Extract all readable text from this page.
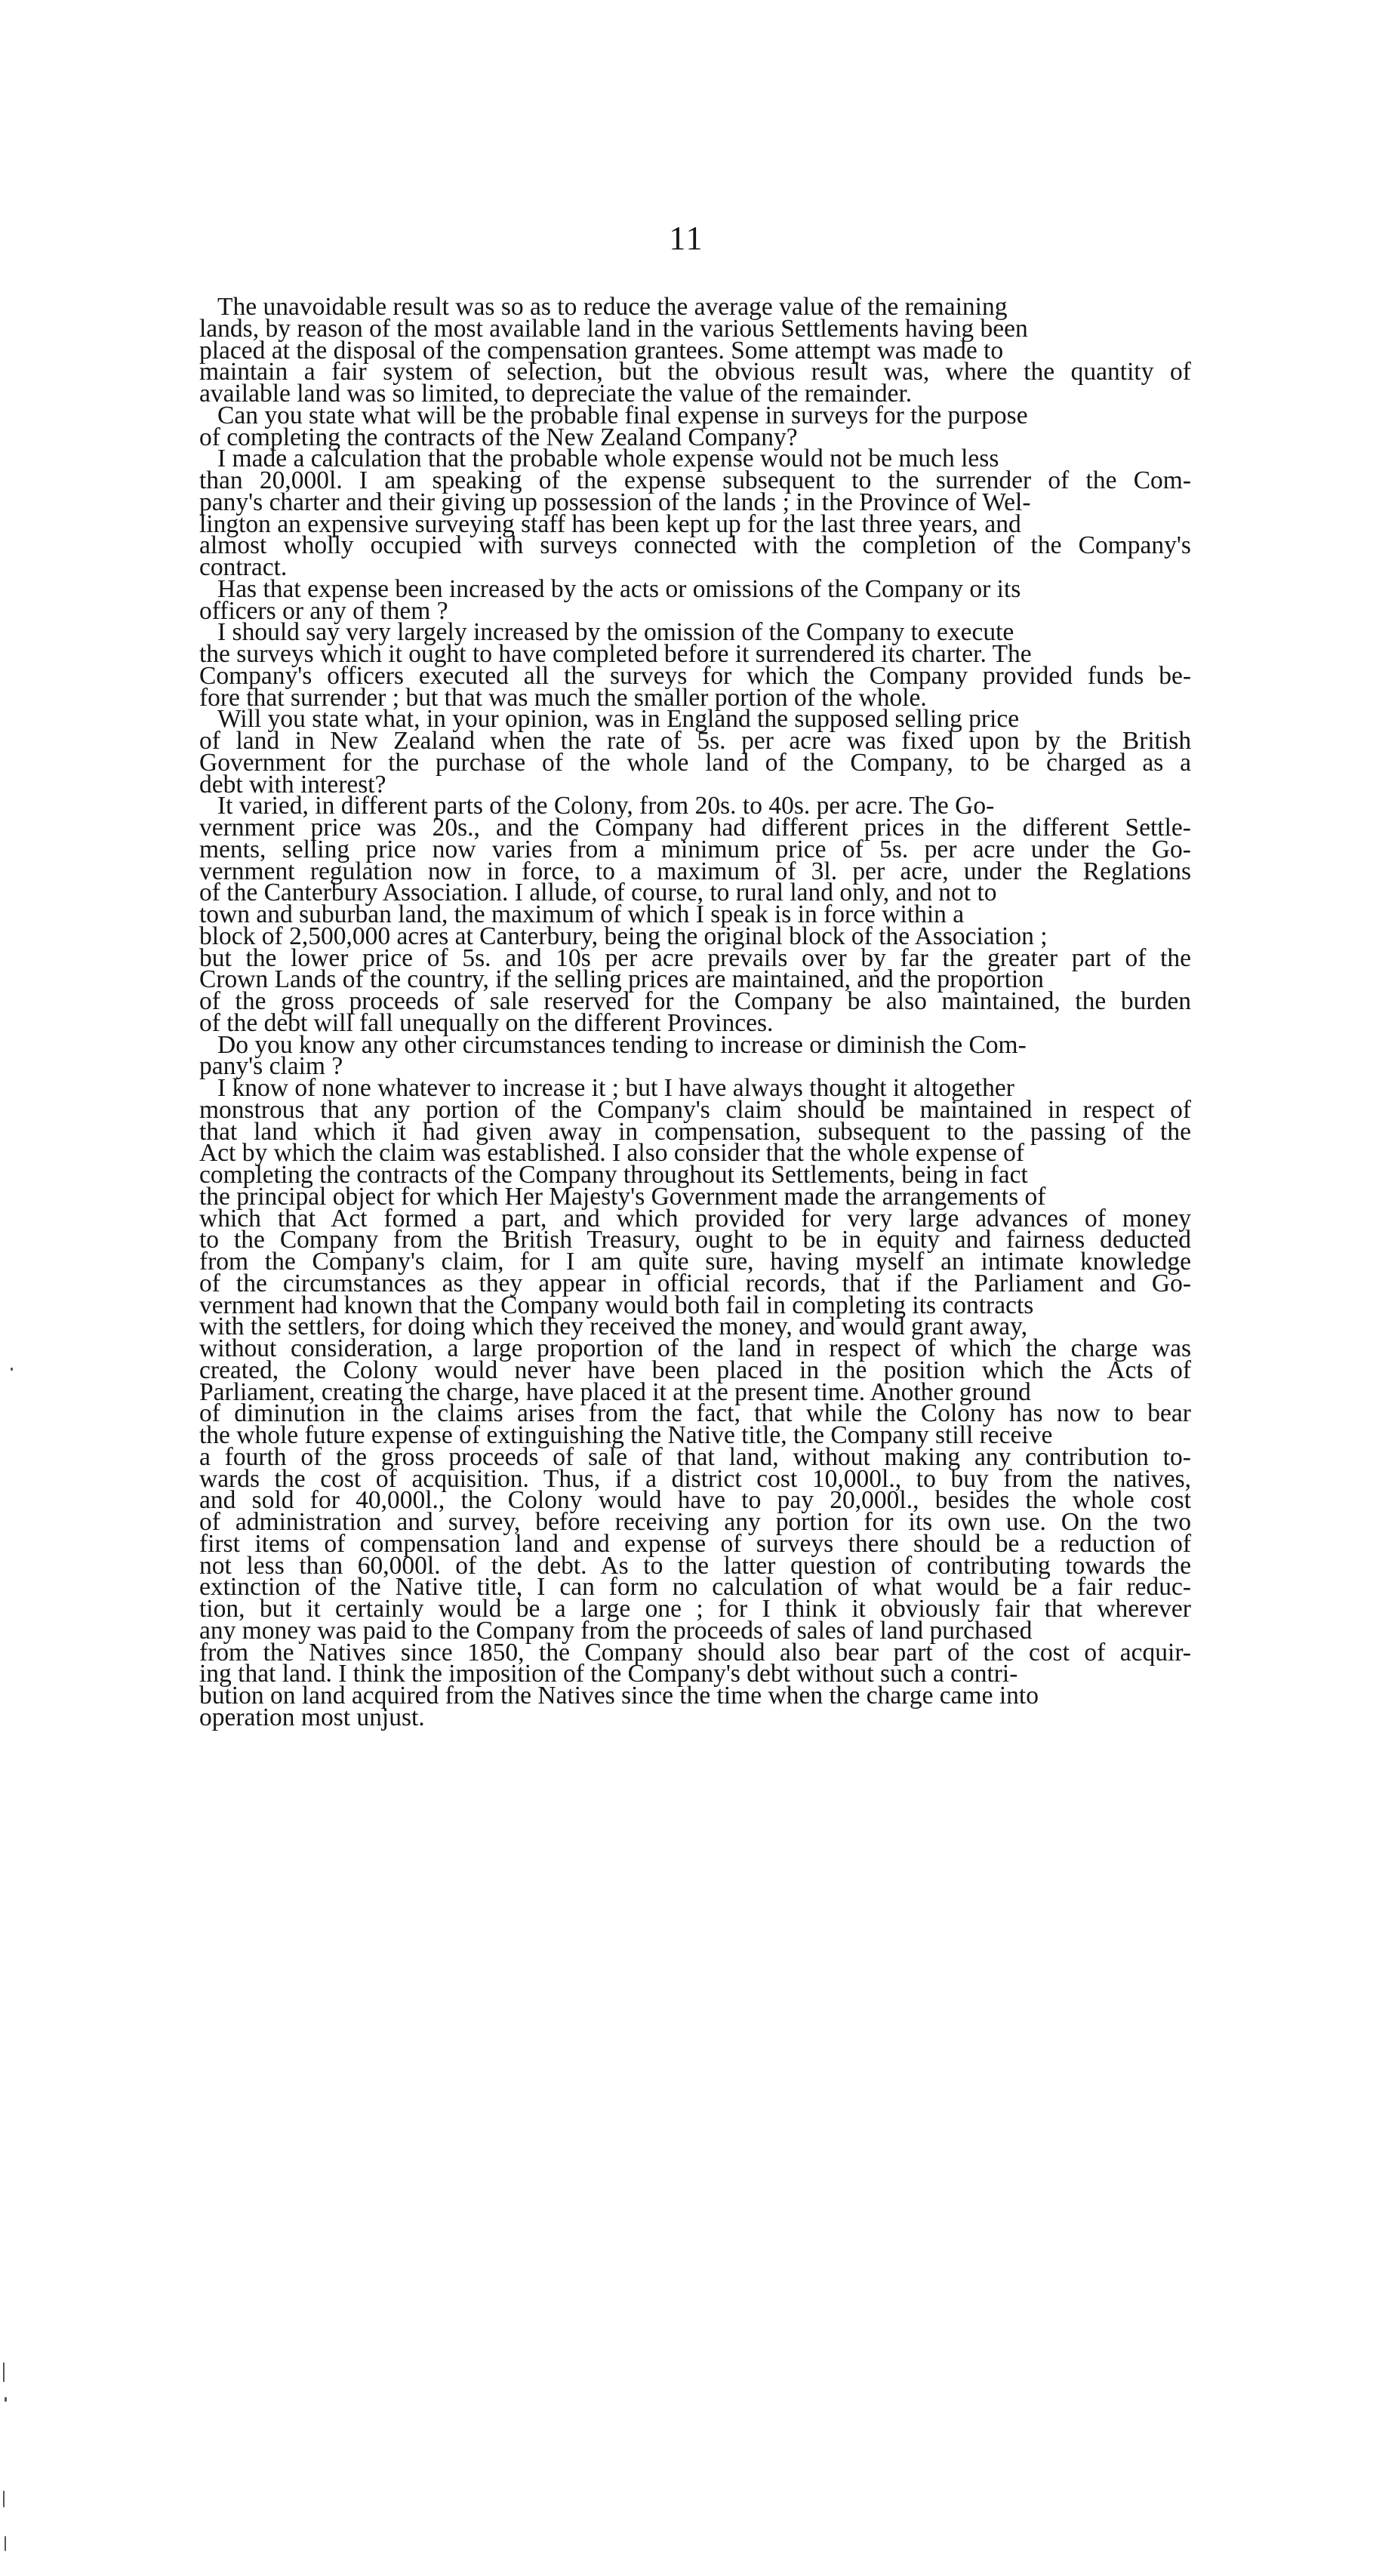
11
The unavoidable result was so as to reduce the average value of the remaining
lands, by reason of the most available land in the various Settlements having been
placed at the disposal of the compensation grantees. Some attempt was made to
maintain a fair system of selection, but the obvious result was, where the quantity of
available land was so limited, to depreciate the value of the remainder.
Can you state what will be the probable final expense in surveys for the purpose
of completing the contracts of the New Zealand Company?
I made a calculation that the probable whole expense would not be much less
than 20,000l. I am speaking of the expense subsequent to the surrender of the Com-
pany's charter and their giving up possession of the lands ; in the Province of Wel-
lington an expensive surveying staff has been kept up for the last three years, and
almost wholly occupied with surveys connected with the completion of the Company's
contract.
Has that expense been increased by the acts or omissions of the Company or its
officers or any of them ?
I should say very largely increased by the omission of the Company to execute
the surveys which it ought to have completed before it surrendered its charter. The
Company's officers executed all the surveys for which the Company provided funds be-
fore that surrender ; but that was much the smaller portion of the whole.
Will you state what, in your opinion, was in England the supposed selling price
of land in New Zealand when the rate of 5s. per acre was fixed upon by the British
Government for the purchase of the whole land of the Company, to be charged as a
debt with interest?
It varied, in different parts of the Colony, from 20s. to 40s. per acre. The Go-
vernment price was 20s., and the Company had different prices in the different Settle-
ments, selling price now varies from a minimum price of 5s. per acre under the Go-
vernment regulation now in force, to a maximum of 3l. per acre, under the Reglations
of the Canterbury Association. I allude, of course, to rural land only, and not to
town and suburban land, the maximum of which I speak is in force within a
block of 2,500,000 acres at Canterbury, being the original block of the Association ;
but the lower price of 5s. and 10s per acre prevails over by far the greater part of the
Crown Lands of the country, if the selling prices are maintained, and the proportion
of the gross proceeds of sale reserved for the Company be also maintained, the burden
of the debt will fall unequally on the different Provinces.
Do you know any other circumstances tending to increase or diminish the Com-
pany's claim ?
I know of none whatever to increase it ; but I have always thought it altogether
monstrous that any portion of the Company's claim should be maintained in respect of
that land which it had given away in compensation, subsequent to the passing of the
Act by which the claim was established. I also consider that the whole expense of
completing the contracts of the Company throughout its Settlements, being in fact
the principal object for which Her Majesty's Government made the arrangements of
which that Act formed a part, and which provided for very large advances of money
to the Company from the British Treasury, ought to be in equity and fairness deducted
from the Company's claim, for I am quite sure, having myself an intimate knowledge
of the circumstances as they appear in official records, that if the Parliament and Go-
vernment had known that the Company would both fail in completing its contracts
with the settlers, for doing which they received the money, and would grant away,
without consideration, a large proportion of the land in respect of which the charge was
created, the Colony would never have been placed in the position which the Acts of
Parliament, creating the charge, have placed it at the present time. Another ground
of diminution in the claims arises from the fact, that while the Colony has now to bear
the whole future expense of extinguishing the Native title, the Company still receive
a fourth of the gross proceeds of sale of that land, without making any contribution to-
wards the cost of acquisition. Thus, if a district cost 10,000l., to buy from the natives,
and sold for 40,000l., the Colony would have to pay 20,000l., besides the whole cost
of administration and survey, before receiving any portion for its own use. On the two
first items of compensation land and expense of surveys there should be a reduction of
not less than 60,000l. of the debt. As to the latter question of contributing towards the
extinction of the Native title, I can form no calculation of what would be a fair reduc-
tion, but it certainly would be a large one ; for I think it obviously fair that wherever
any money was paid to the Company from the proceeds of sales of land purchased
from the Natives since 1850, the Company should also bear part of the cost of acquir-
ing that land. I think the imposition of the Company's debt without such a contri-
bution on land acquired from the Natives since the time when the charge came into
operation most unjust.
